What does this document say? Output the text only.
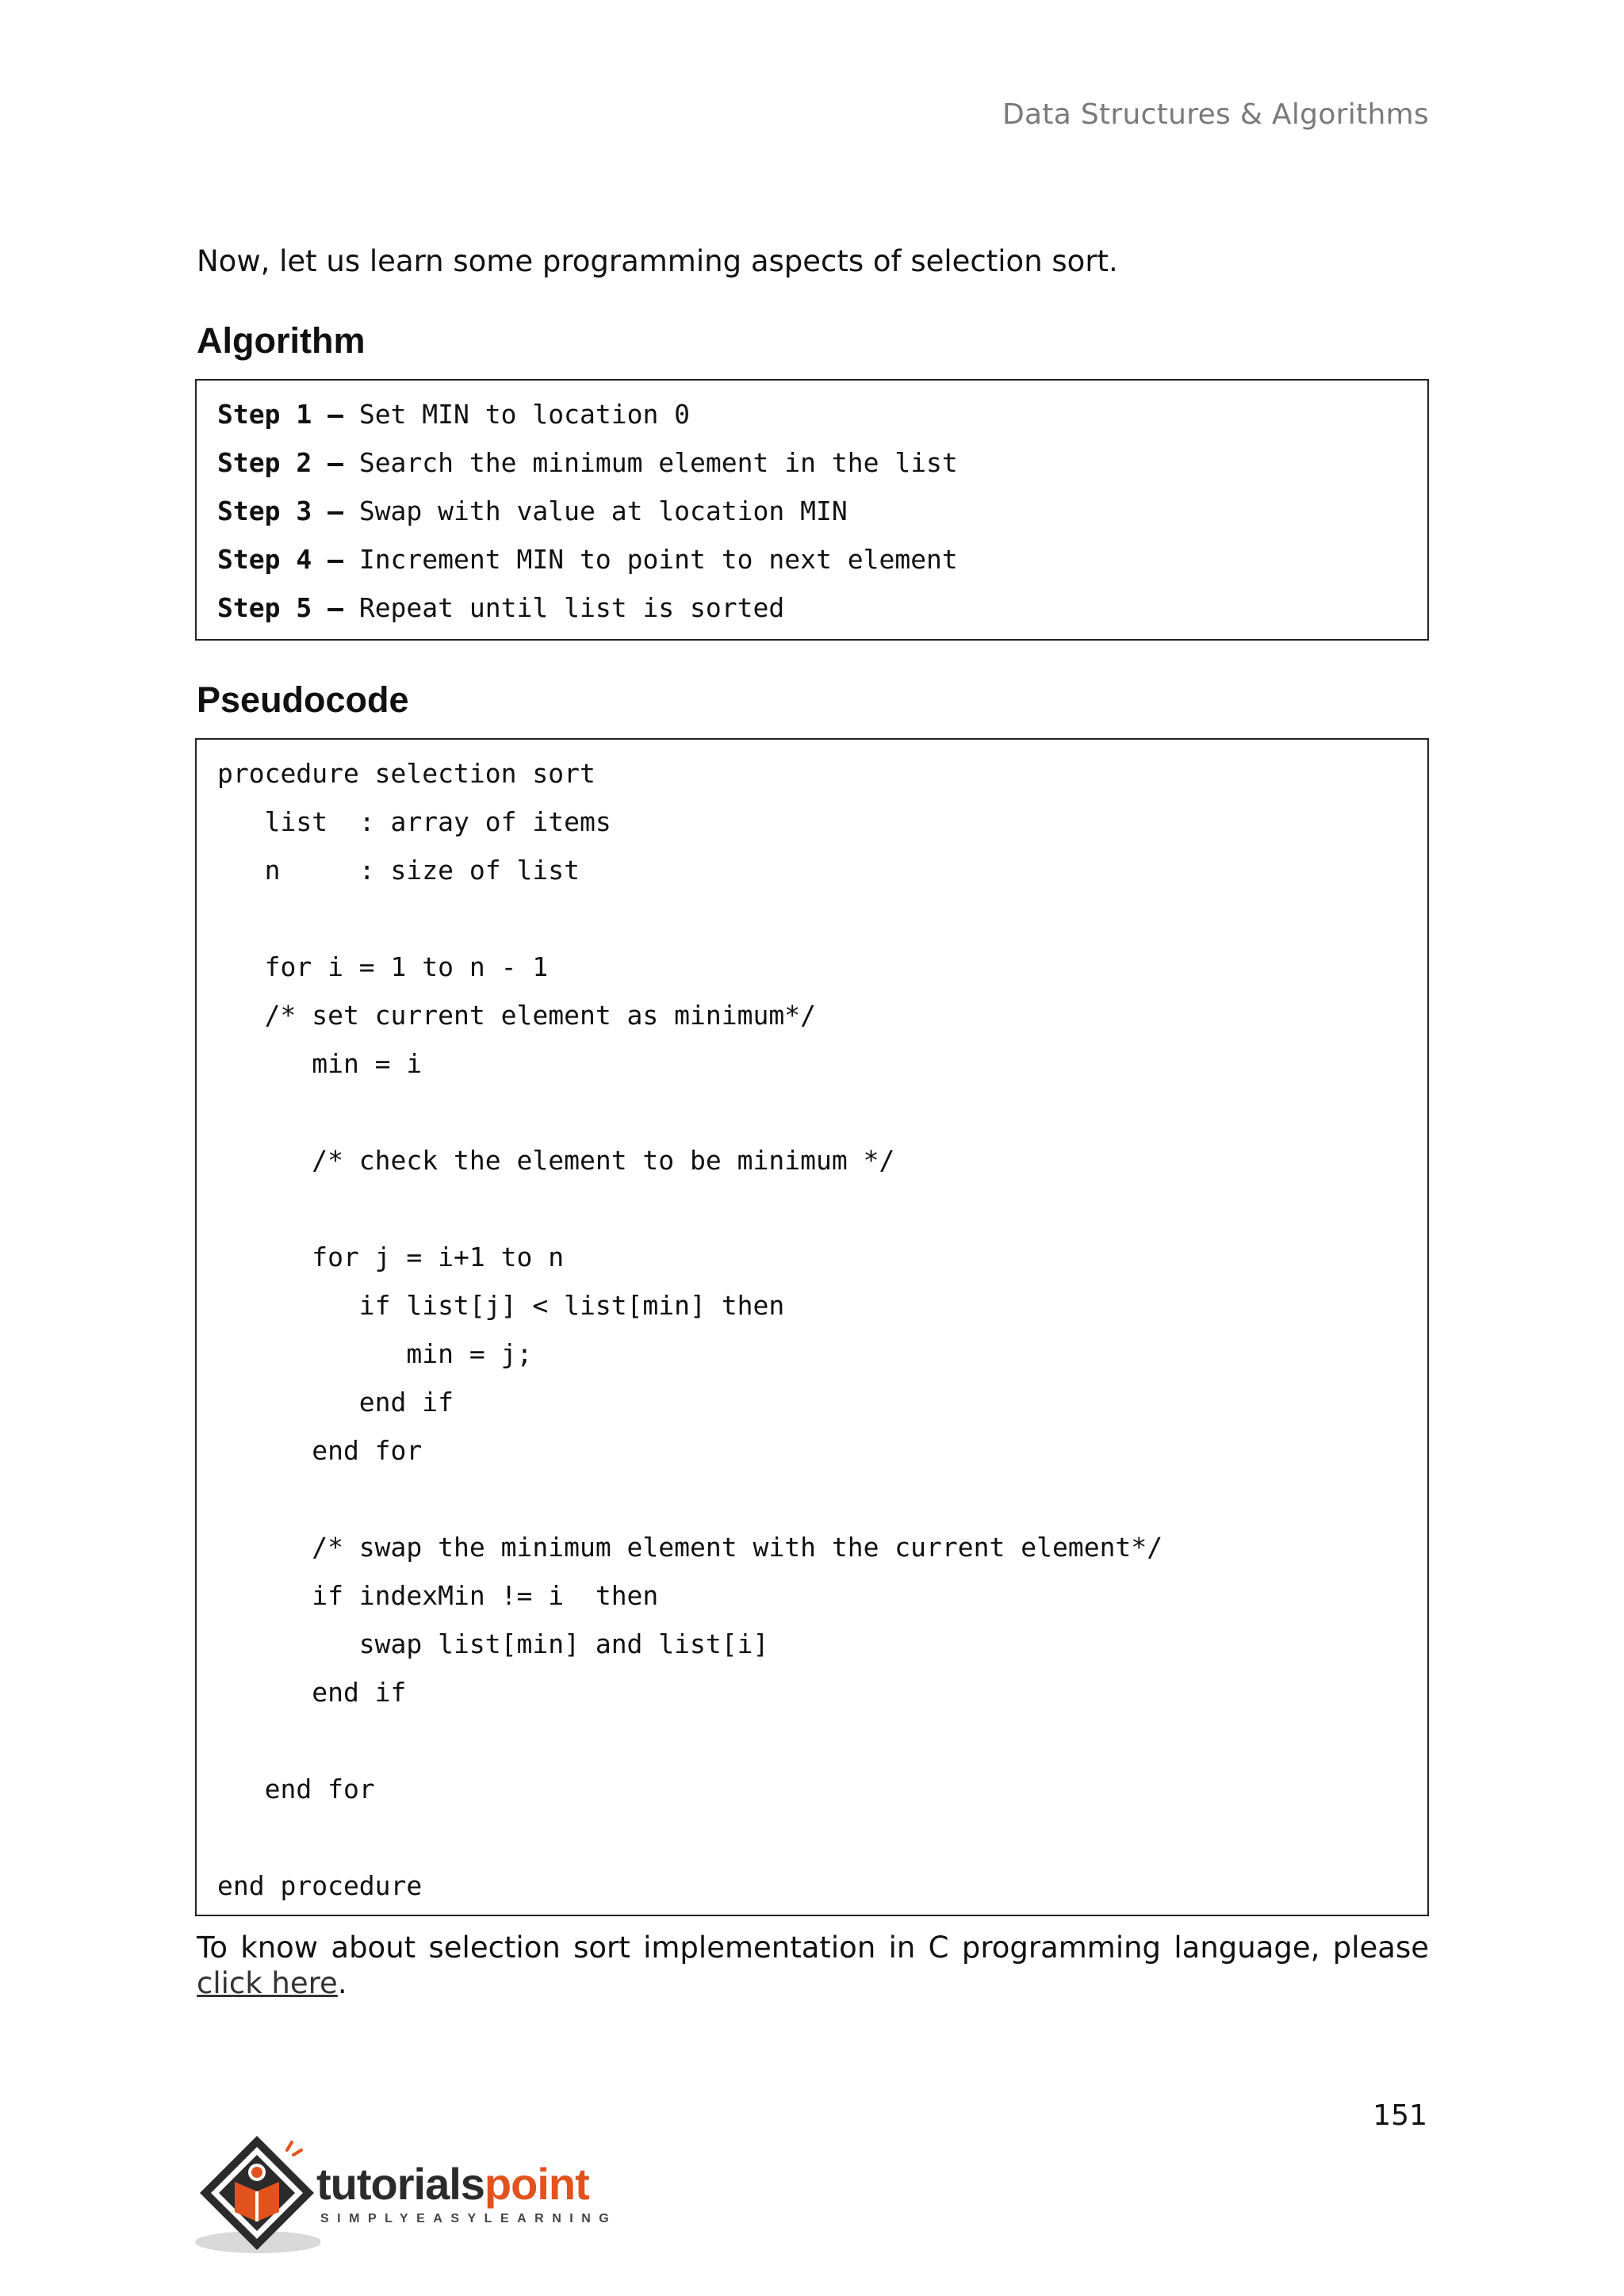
Data Structures & Algorithms
Now, let us learn some programming aspects of selection sort.
Algorithm
Step 1 – Set MIN to location 0
Step 2 – Search the minimum element in the list
Step 3 – Swap with value at location MIN
Step 4 – Increment MIN to point to next element
Step 5 – Repeat until list is sorted
Pseudocode
procedure selection sort
list  : array of items
n     : size of list
for i = 1 to n - 1
/* set current element as minimum*/
min = i
/* check the element to be minimum */
for j = i+1 to n
if list[j] < list[min] then
min = j;
end if
end for
/* swap the minimum element with the current element*/
if indexMin != i  then
swap list[min] and list[i]
end if
end for
end procedure
To know about selection sort implementation in C programming language, please click here.
151
tutorialspoint
SIMPLYEASYLEARNING
